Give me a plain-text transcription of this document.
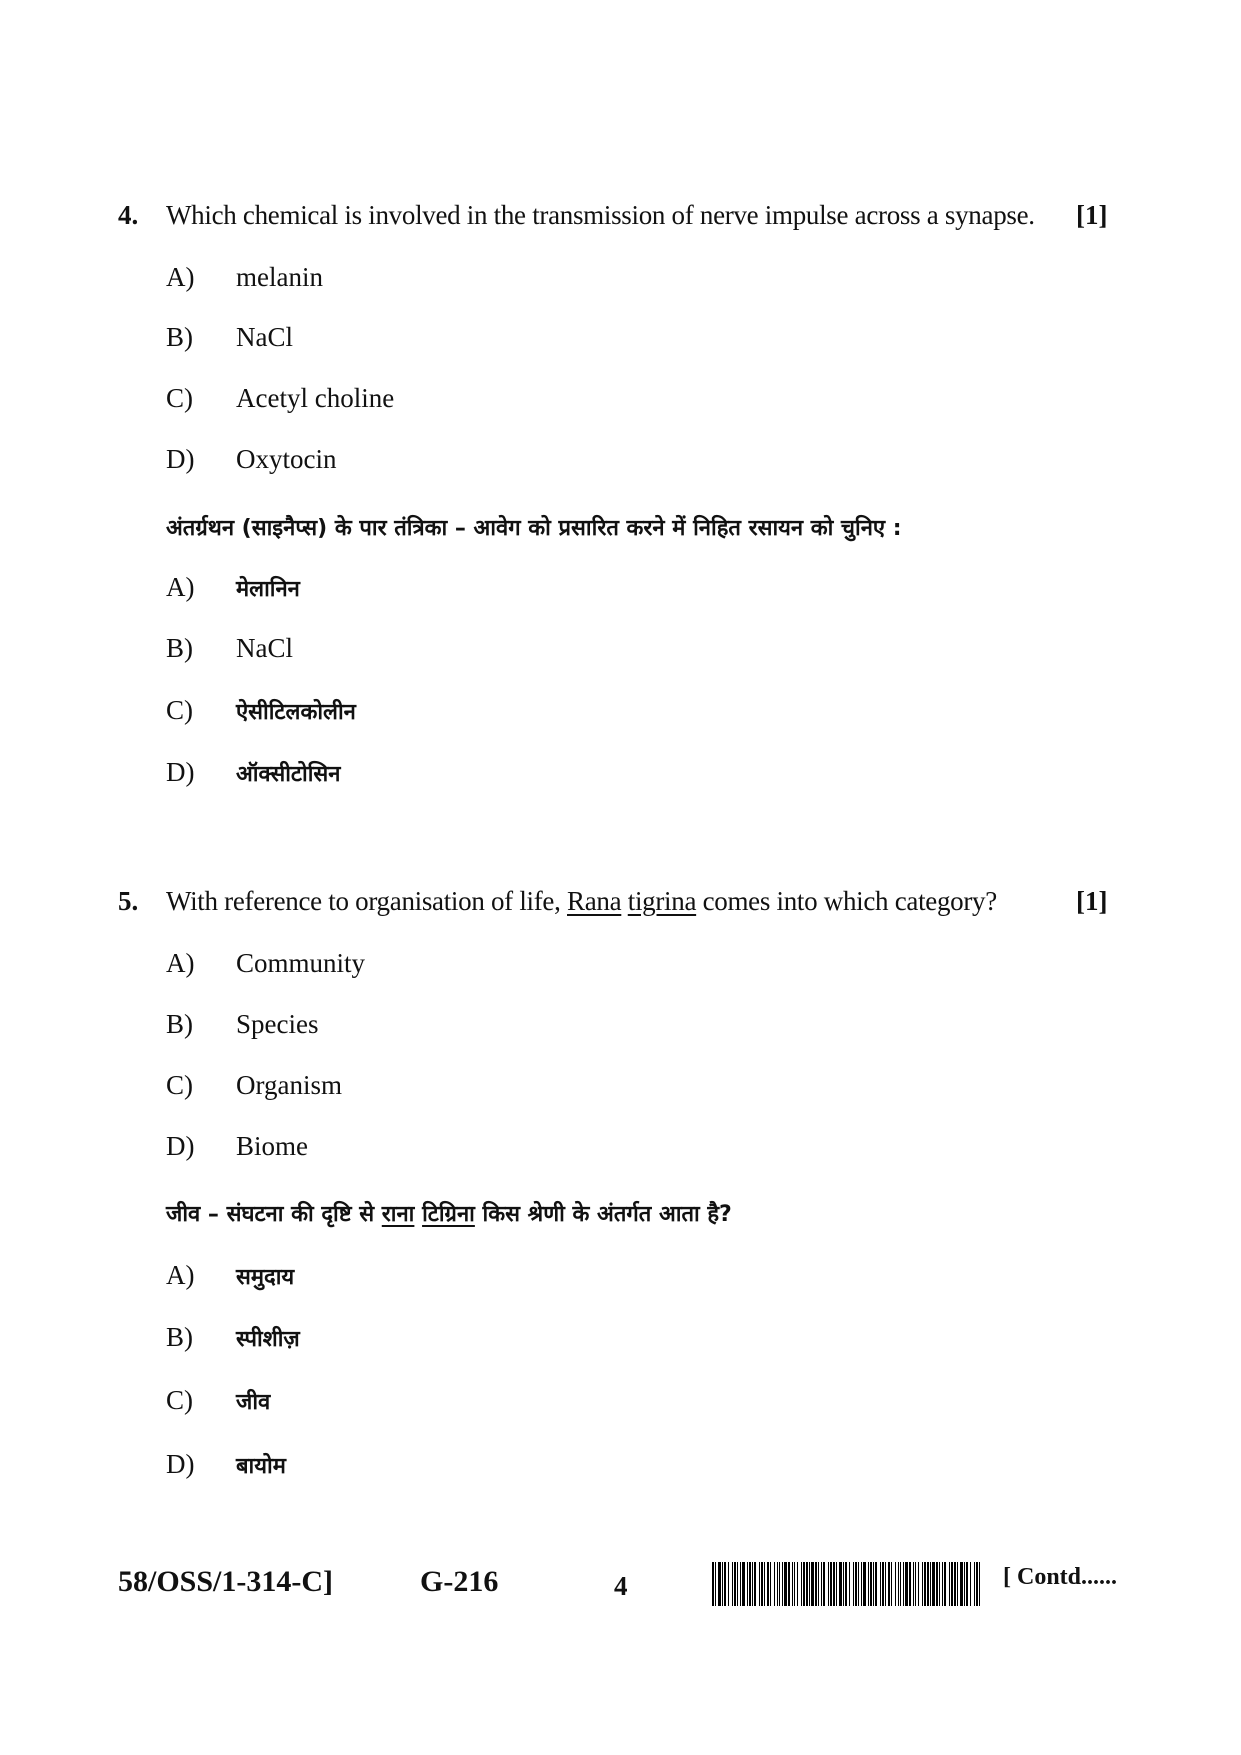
4. Which chemical is involved in the transmission of nerve impulse across a synapse. [1]
A) melanin
B) NaCl
C) Acetyl choline
D) Oxytocin
अंतर्ग्रथन (साइनैप्स) के पार तंत्रिका – आवेग को प्रसारित करने में निहित रसायन को चुनिए :
A) मेलानिन
B) NaCl
C) ऐसीटिलकोलीन
D) ऑक्सीटोसिन
5. With reference to organisation of life, Rana tigrina comes into which category?	[1]
A) Community
B) Species
C) Organism
D) Biome
जीव – संघटना की दृष्टि से राना टिग्रिना किस श्रेणी के अंतर्गत आता है?
A) समुदाय
B) स्पीशीज़
C) जीव
D) बायोम
58/OSS/1-314-C]	G-216	4	[ Contd......
